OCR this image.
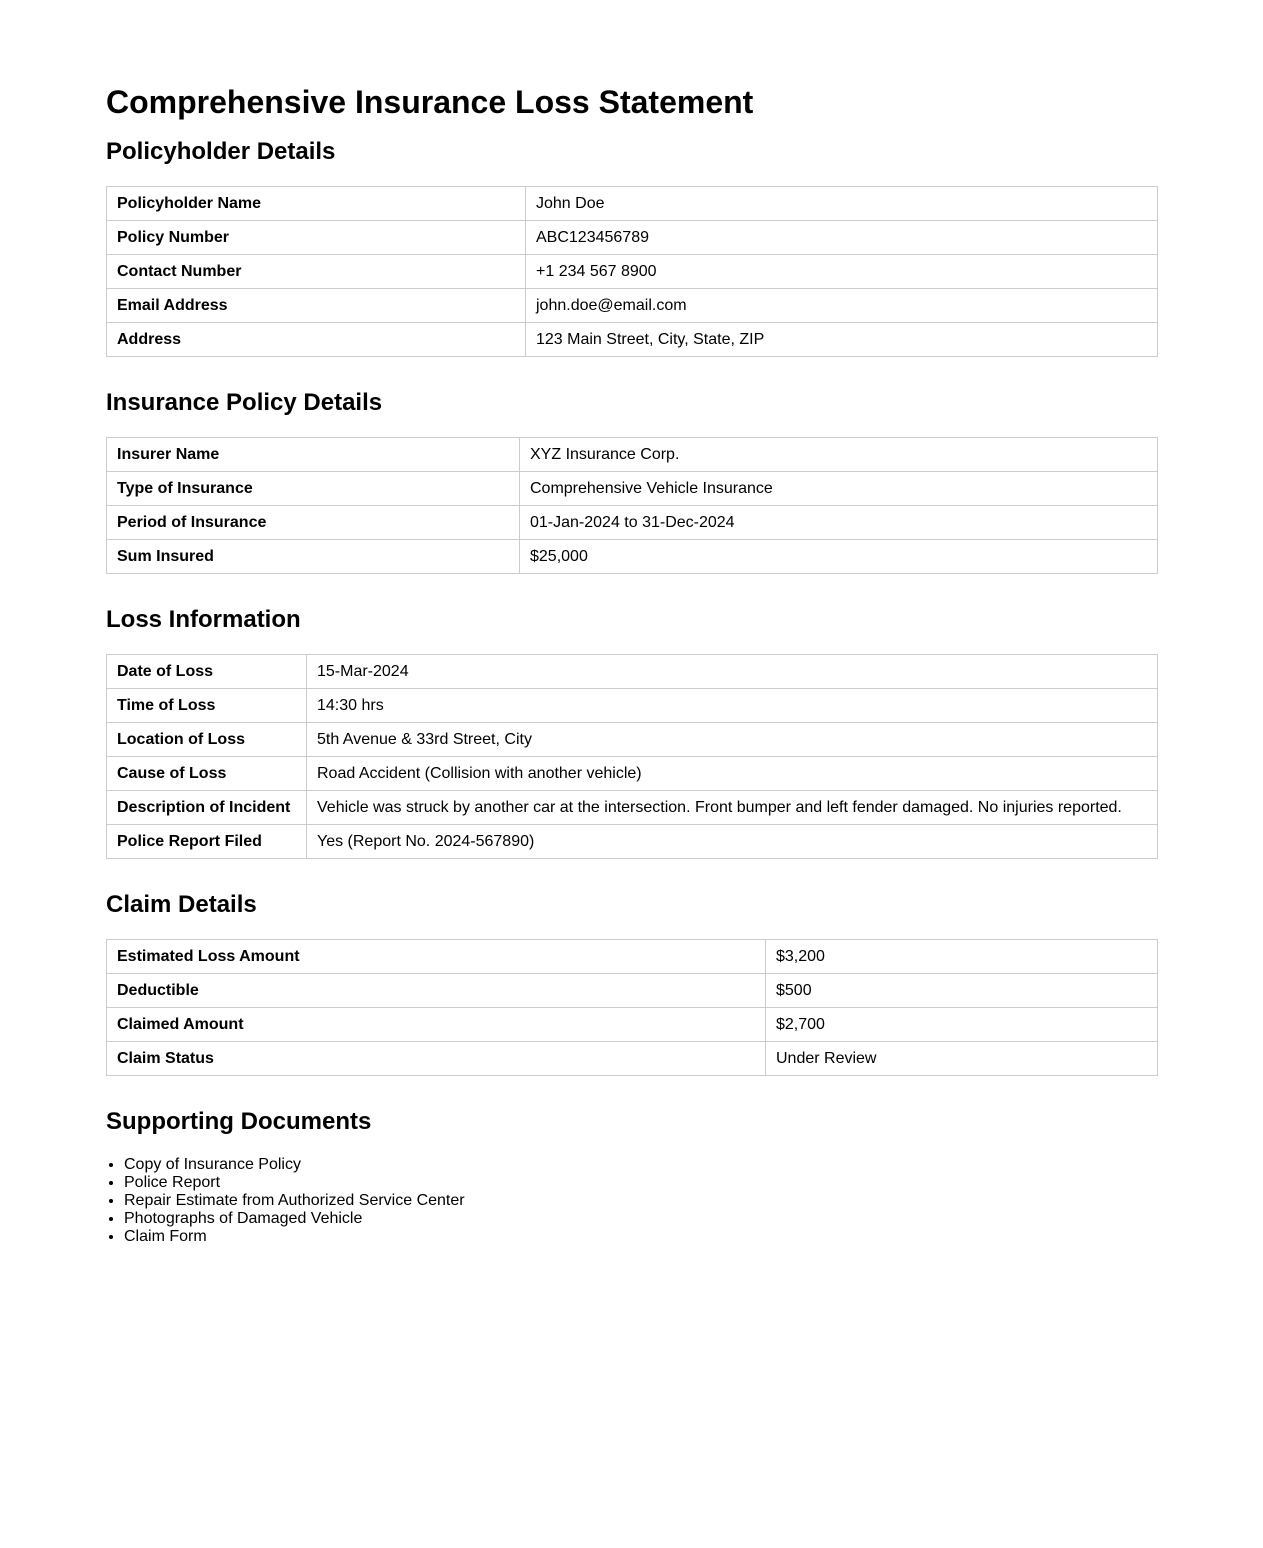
Comprehensive Insurance Loss Statement
Policyholder Details
Policyholder Name	John Doe
Policy Number	ABC123456789
Contact Number	+1 234 567 8900
Email Address	john.doe@email.com
Address	123 Main Street, City, State, ZIP
Insurance Policy Details
Insurer Name	XYZ Insurance Corp.
Type of Insurance	Comprehensive Vehicle Insurance
Period of Insurance	01-Jan-2024 to 31-Dec-2024
Sum Insured	$25,000
Loss Information
Date of Loss	15-Mar-2024
Time of Loss	14:30 hrs
Location of Loss	5th Avenue & 33rd Street, City
Cause of Loss	Road Accident (Collision with another vehicle)
Description of Incident	Vehicle was struck by another car at the intersection. Front bumper and left fender damaged. No injuries reported.
Police Report Filed	Yes (Report No. 2024-567890)
Claim Details
Estimated Loss Amount	$3,200
Deductible	$500
Claimed Amount	$2,700
Claim Status	Under Review
Supporting Documents
• Copy of Insurance Policy
• Police Report
• Repair Estimate from Authorized Service Center
• Photographs of Damaged Vehicle
• Claim Form
